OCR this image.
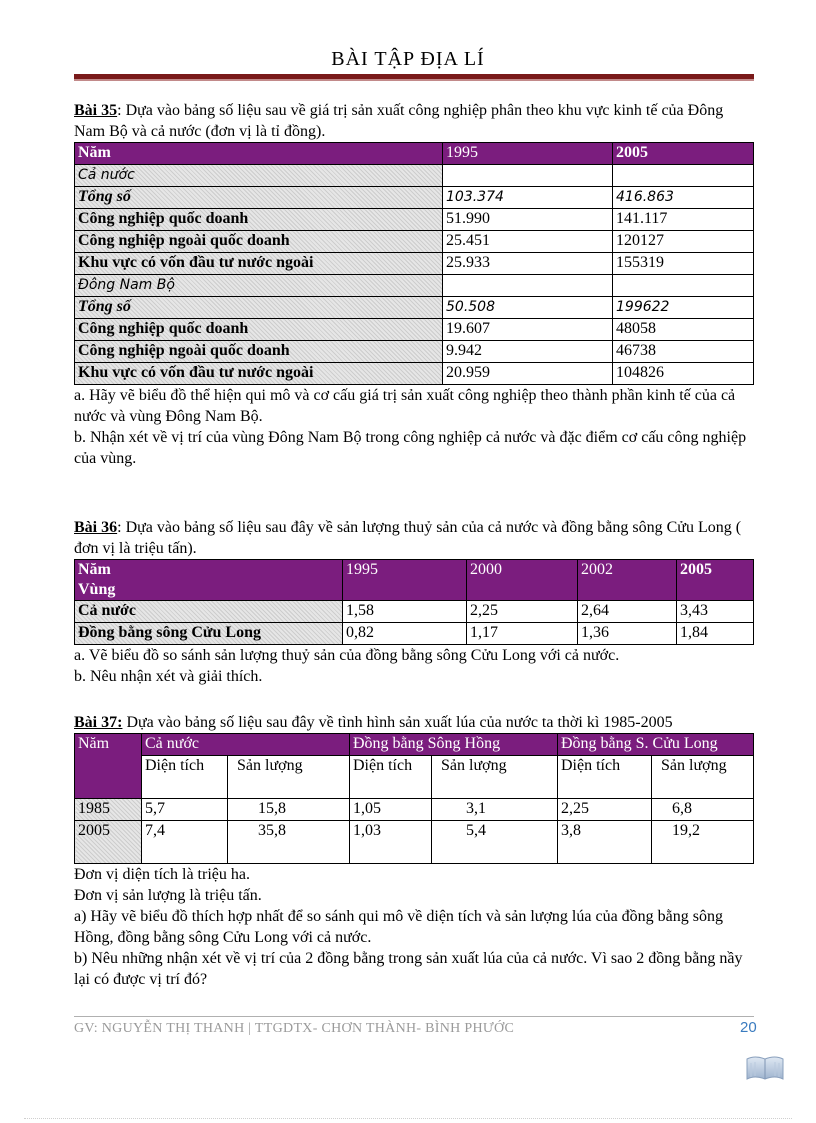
BÀI TẬP ĐỊA LÍ

Bài 35: Dựa vào bảng số liệu sau về giá trị sản xuất công nghiệp phân theo khu vực kinh tế của Đông Nam Bộ và cả nước (đơn vị là tỉ đồng).

Năm	1995	2005
Cả nước		
Tổng số	103.374	416.863
Công nghiệp quốc doanh	51.990	141.117
Công nghiệp ngoài quốc doanh	25.451	120127
Khu vực có vốn đầu tư nước ngoài	25.933	155319
Đông Nam Bộ		
Tổng số	50.508	199622
Công nghiệp quốc doanh	19.607	48058
Công nghiệp ngoài quốc doanh	9.942	46738
Khu vực có vốn đầu tư nước ngoài	20.959	104826

a. Hãy vẽ biểu đồ thể hiện qui mô và cơ cấu giá trị sản xuất công nghiệp theo thành phần kinh tế của cả nước và vùng Đông Nam Bộ.

b. Nhận xét về vị trí của vùng Đông Nam Bộ trong công nghiệp cả nước và đặc điểm cơ cấu công nghiệp của vùng.

Bài 36: Dựa vào bảng số liệu sau đây về sản lượng thuỷ sản của cả nước và đồng bằng sông Cửu Long ( đơn vị là triệu tấn).

Năm
Vùng	1995	2000	2002	2005
Cả nước	1,58	2,25	2,64	3,43
Đồng bằng sông Cửu Long	0,82	1,17	1,36	1,84

a. Vẽ biểu đồ so sánh sản lượng thuỷ sản của đồng bằng sông Cửu Long với cả nước.

b. Nêu nhận xét và giải thích.

Bài 37: Dựa vào bảng số liệu sau đây về tình hình sản xuất lúa của nước ta thời kì 1985-2005

Năm	Cả nước		Đồng bằng Sông Hồng		Đồng bằng S. Cửu Long	
	Diện tích	Sản lượng	Diện tích	Sản lượng	Diện tích	Sản lượng
1985	5,7	15,8	1,05	3,1	2,25	6,8
2005	7,4	35,8	1,03	5,4	3,8	19,2

Đơn vị diện tích là triệu ha.

Đơn vị sản lượng là triệu tấn.

a) Hãy vẽ biểu đồ thích hợp nhất để so sánh qui mô về diện tích và sản lượng lúa của đồng bằng sông Hồng, đồng bằng sông Cửu Long với cả nước.

b) Nêu những nhận xét về vị trí của 2 đồng bằng trong sản xuất lúa của cả nước. Vì sao 2 đồng bằng nầy lại có được vị trí đó?

GV: NGUYỄN THỊ THANH | TTGDTX- CHƠN THÀNH- BÌNH PHƯỚC	20
